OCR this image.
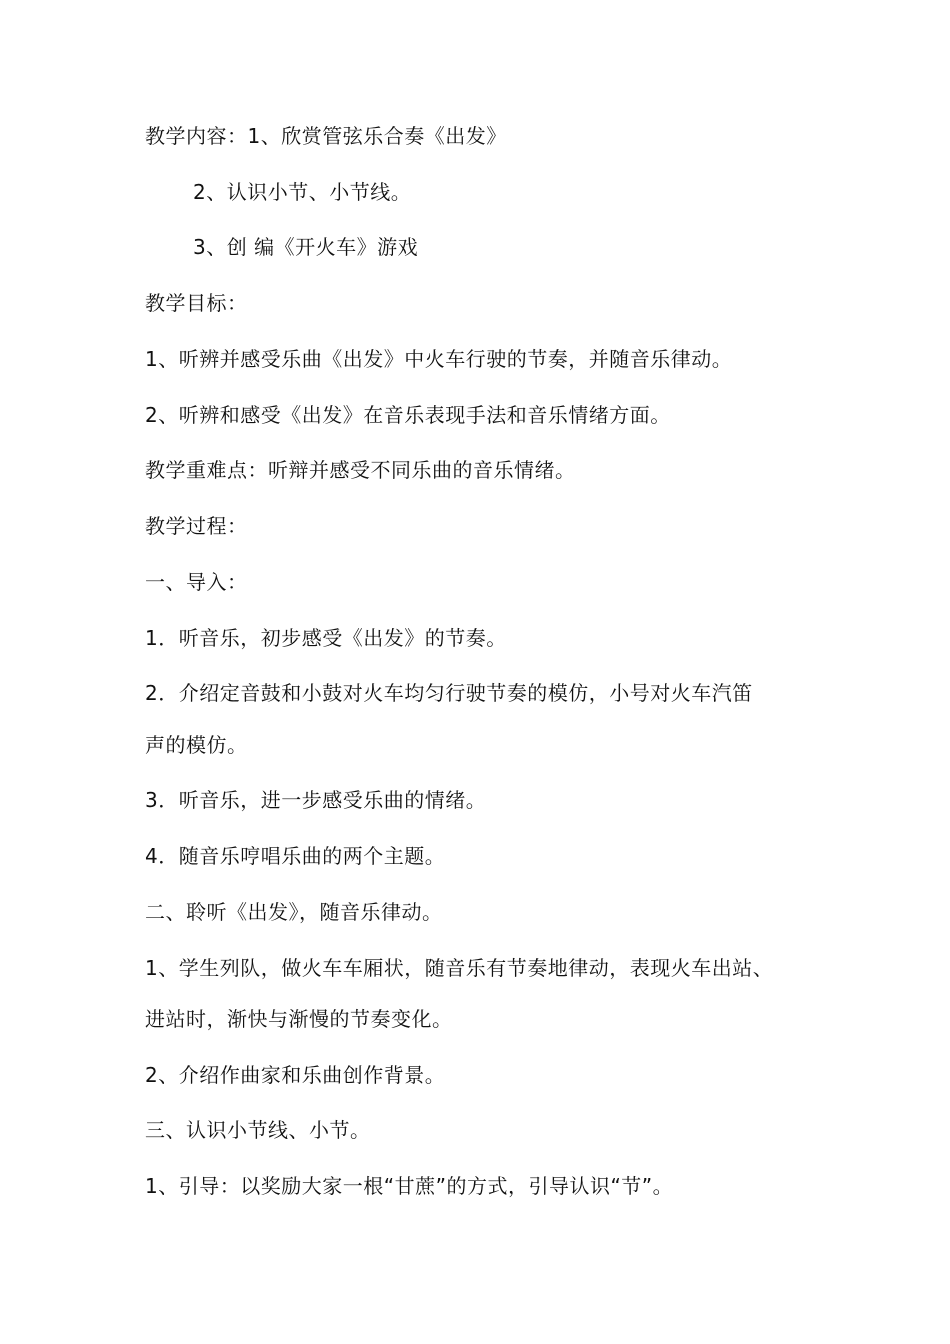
教学内容：1、欣赏管弦乐合奏《出发》
2、认识小节、小节线。
3、创 编《开火车》游戏
教学目标：
1、听辨并感受乐曲《出发》中火车行驶的节奏，并随音乐律动。
2、听辨和感受《出发》在音乐表现手法和音乐情绪方面。
教学重难点：听辩并感受不同乐曲的音乐情绪。
教学过程：
一、导入：
1．听音乐，初步感受《出发》的节奏。
2．介绍定音鼓和小鼓对火车均匀行驶节奏的模仿，小号对火车汽笛
声的模仿。
3．听音乐，进一步感受乐曲的情绪。
4．随音乐哼唱乐曲的两个主题。
二、聆听《出发》，随音乐律动。
1、学生列队，做火车车厢状，随音乐有节奏地律动，表现火车出站、
进站时，渐快与渐慢的节奏变化。
2、介绍作曲家和乐曲创作背景。
三、认识小节线、小节。
1、引导：以奖励大家一根“甘蔗”的方式，引导认识“节”。
